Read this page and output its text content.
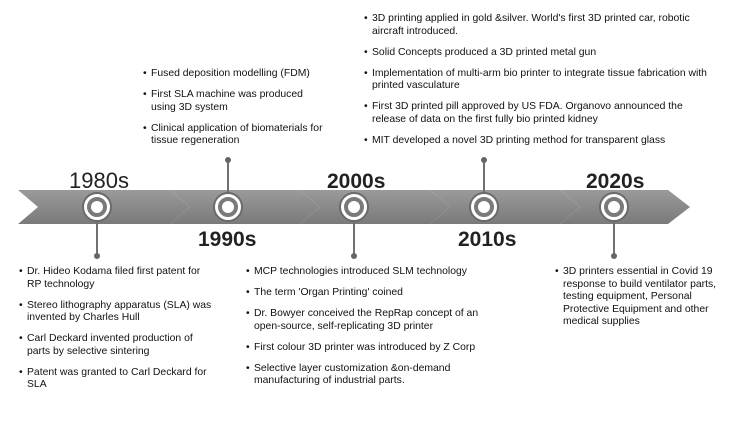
1980s
1990s
2000s
2010s
2020s
• Dr. Hideo Kodama filed first patent for RP technology
• Stereo lithography apparatus (SLA) was invented by Charles Hull
• Carl Deckard invented production of parts by selective sintering
• Patent was granted to Carl Deckard for SLA
• Fused deposition modelling (FDM)
• First SLA machine was produced using 3D system
• Clinical application of biomaterials for tissue regeneration
• MCP technologies introduced SLM technology
• The term 'Organ Printing' coined
• Dr. Bowyer conceived the RepRap concept of an open-source, self-replicating 3D printer
• First colour 3D printer was introduced by Z Corp
• Selective layer customization &on-demand manufacturing of industrial parts.
• 3D printing applied in gold &silver. World's first 3D printed car, robotic aircraft introduced.
• Solid Concepts produced a 3D printed metal gun
• Implementation of multi-arm bio printer to integrate tissue fabrication with printed vasculature
• First 3D printed pill approved by US FDA. Organovo announced the release of data on the first fully bio printed kidney
• MIT developed a novel 3D printing method for transparent glass
• 3D printers essential in Covid 19 response to build ventilator parts, testing equipment, Personal Protective Equipment and other medical supplies
